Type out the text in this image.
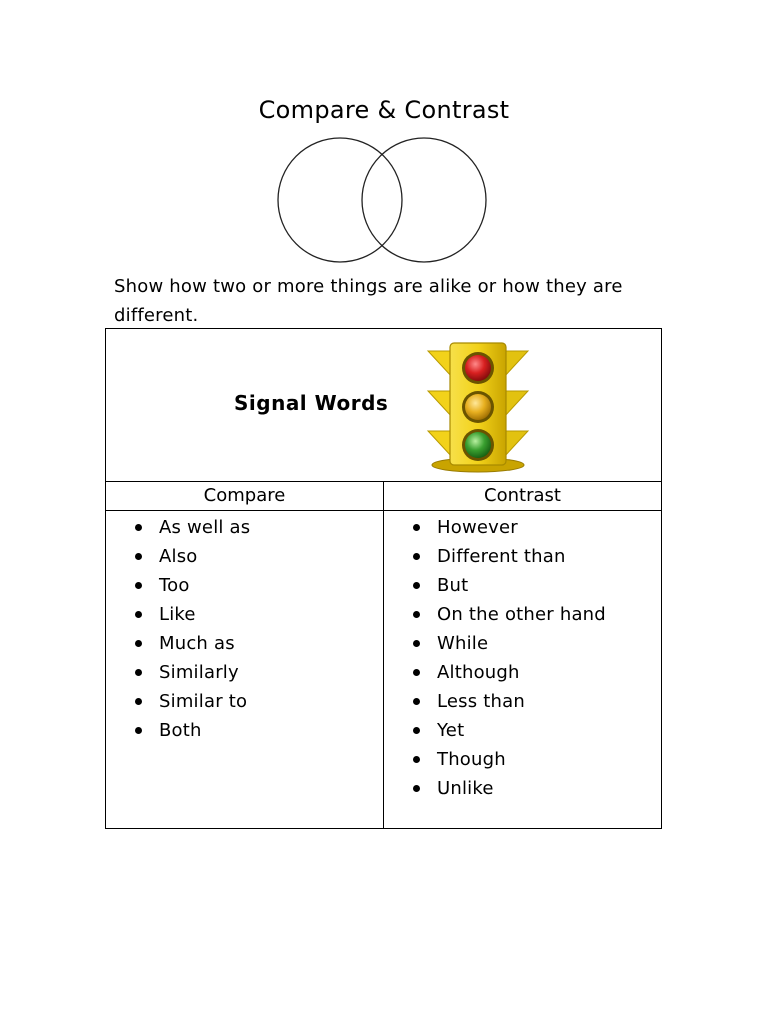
Compare & Contrast
Show how two or more things are alike or how they are different.
Signal Words
Compare	Contrast
As well as
Also
Too
Like
Much as
Similarly
Similar to
Both
However
Different than
But
On the other hand
While
Although
Less than
Yet
Though
Unlike
